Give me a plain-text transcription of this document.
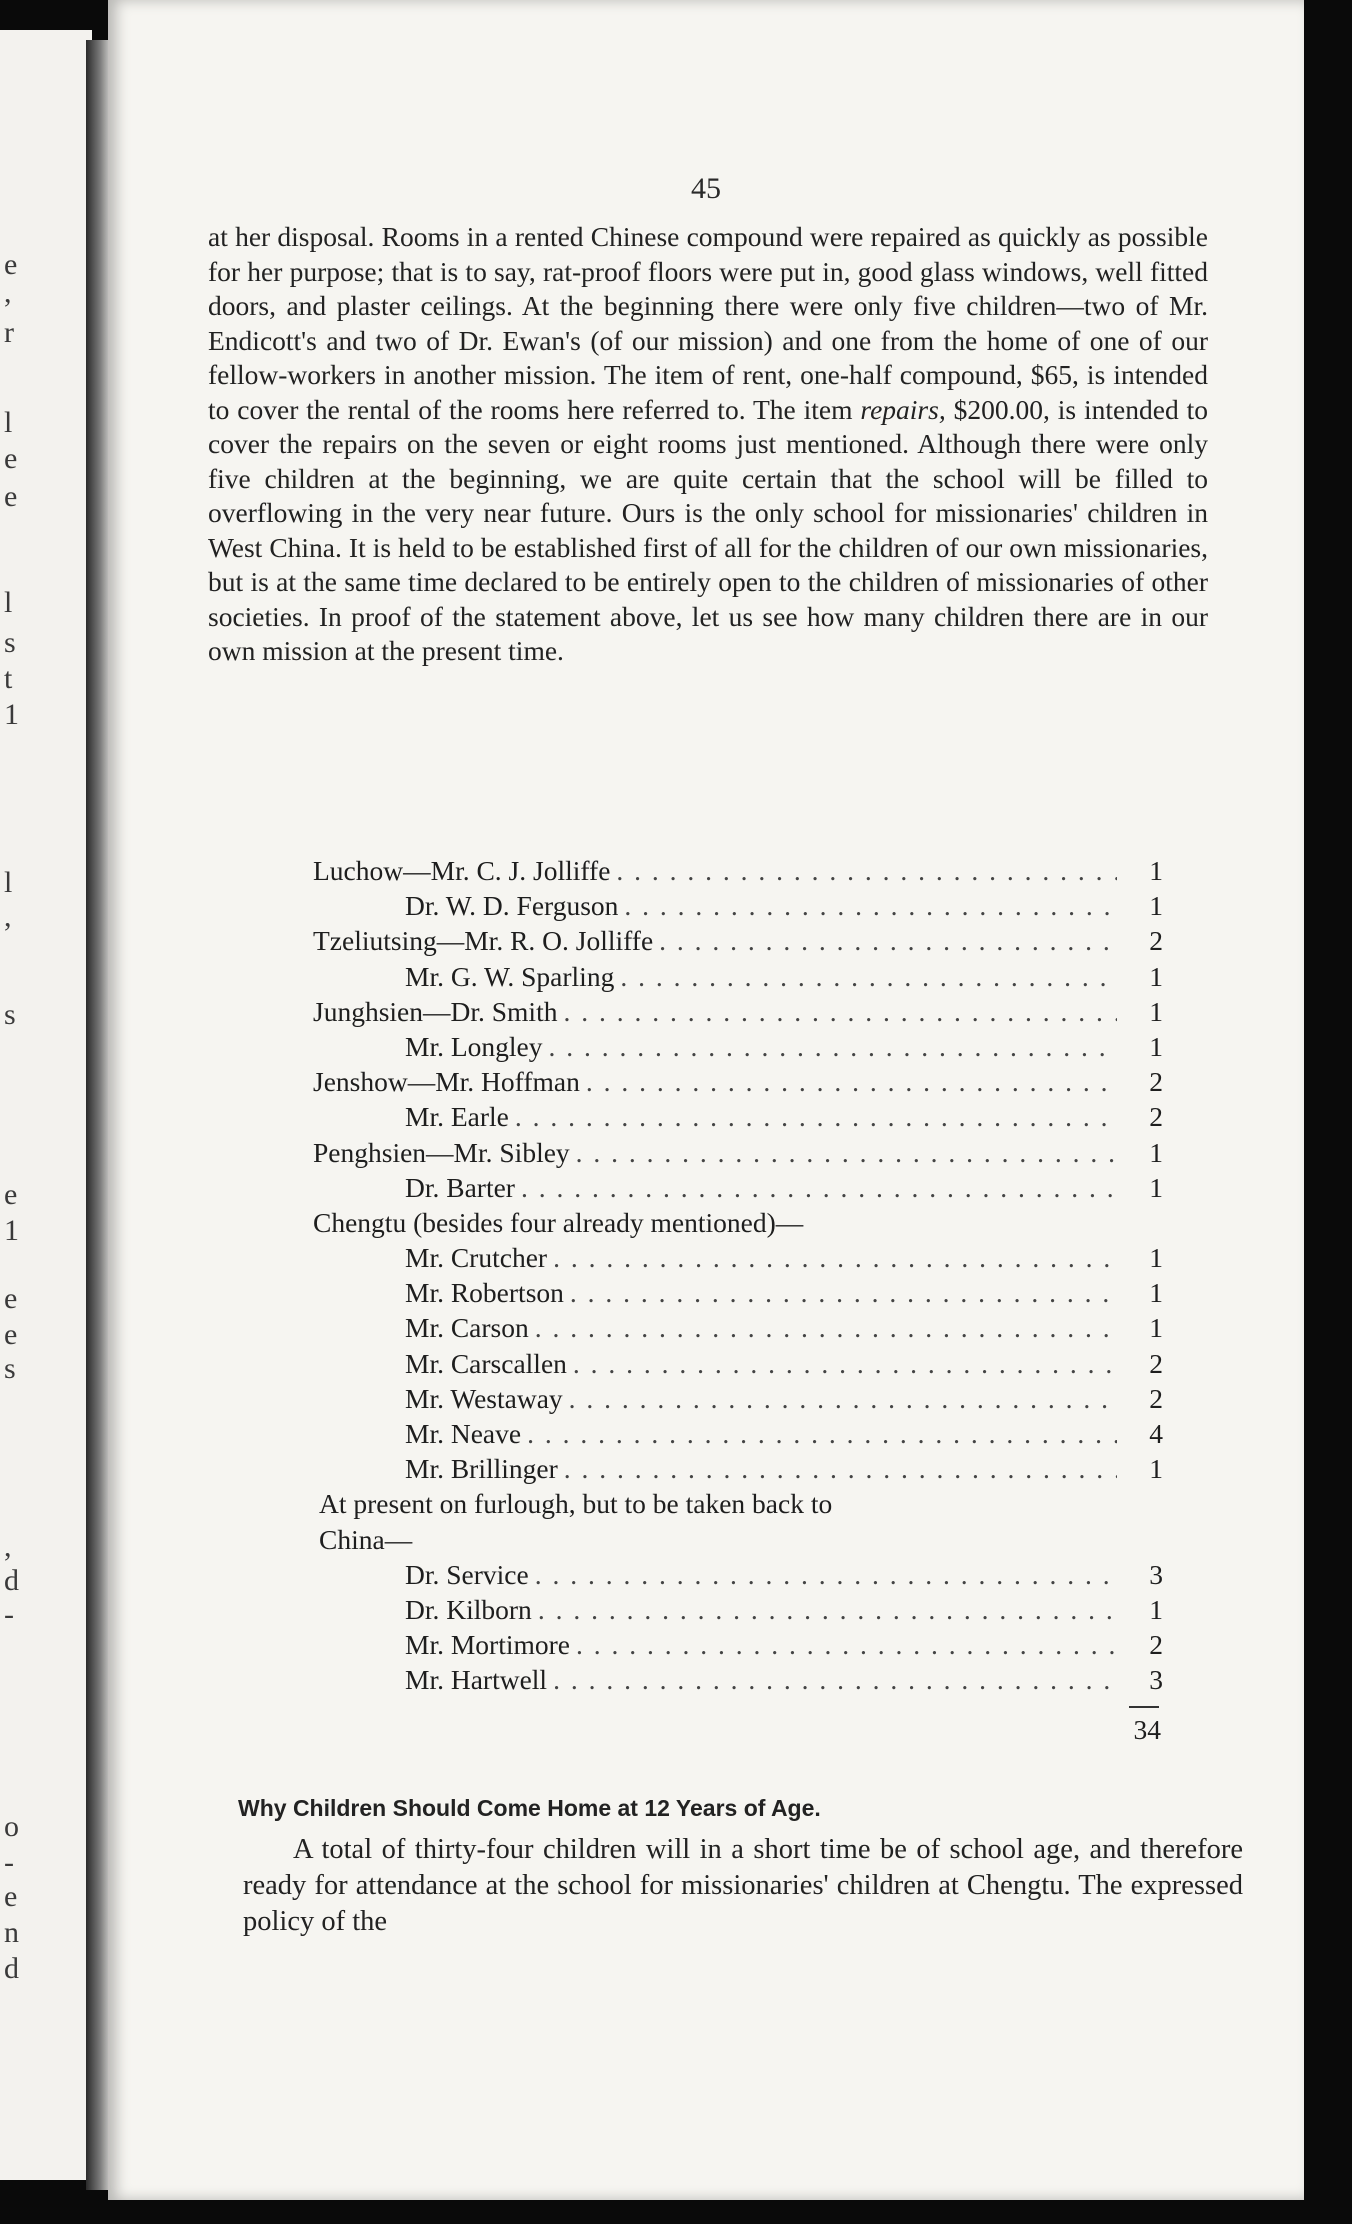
e
,
r
l
e
e
l
s
t
1
l
,
s
e
1
e
e
s
,
d
-
o
-
e
n
d
45

at her disposal. Rooms in a rented Chinese compound were repaired as quickly as possible for her purpose; that is to say, rat-proof floors were put in, good glass windows, well fitted doors, and plaster ceilings. At the beginning there were only five children—two of Mr. Endicott's and two of Dr. Ewan's (of our mission) and one from the home of one of our fellow-workers in another mission. The item of rent, one-half compound, $65, is intended to cover the rental of the rooms here referred to. The item repairs, $200.00, is intended to cover the repairs on the seven or eight rooms just mentioned. Although there were only five children at the beginning, we are quite certain that the school will be filled to overflowing in the very near future. Ours is the only school for missionaries' children in West China. It is held to be established first of all for the children of our own missionaries, but is at the same time declared to be entirely open to the children of missionaries of other societies. In proof of the statement above, let us see how many children there are in our own mission at the present time.

Luchow—Mr. C. J. Jolliffe . . .	1
Dr. W. D. Ferguson . . .	1
Tzeliutsing—Mr. R. O. Jolliffe . . .	2
Mr. G. W. Sparling . . .	1
Junghsien—Dr. Smith . . .	1
Mr. Longley . . .	1
Jenshow—Mr. Hoffman . . .	2
Mr. Earle . . .	2
Penghsien—Mr. Sibley . . .	1
Dr. Barter . . .	1
Chengtu (besides four already mentioned)—
Mr. Crutcher . . .	1
Mr. Robertson . . .	1
Mr. Carson . . .	1
Mr. Carscallen . . .	2
Mr. Westaway . . .	2
Mr. Neave . . .	4
Mr. Brillinger . . .	1
At present on furlough, but to be taken back to
China—
Dr. Service . . .	3
Dr. Kilborn . . .	1
Mr. Mortimore . . .	2
Mr. Hartwell . . .	3
34
Why Children Should Come Home at 12 Years of Age.

A total of thirty-four children will in a short time be of school age, and therefore ready for attendance at the school for missionaries' children at Chengtu. The expressed policy of the
